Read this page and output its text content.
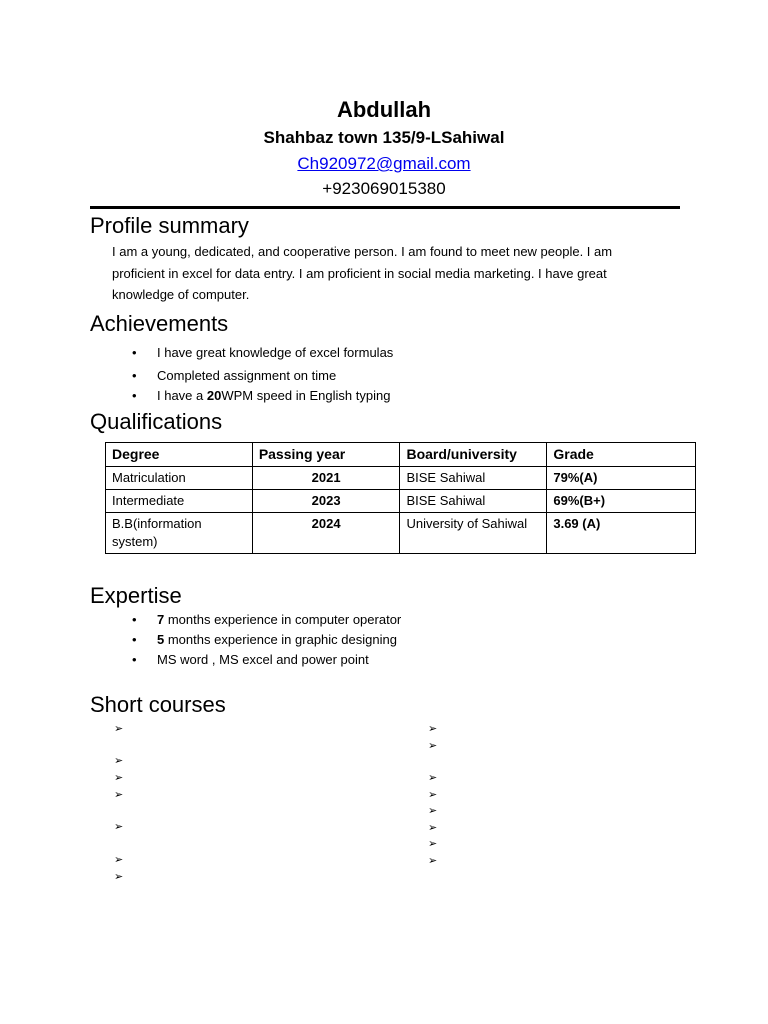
Abdullah
Shahbaz town 135/9-LSahiwal
Ch920972@gmail.com
+923069015380
Profile summary
I am a young, dedicated, and cooperative person. I am found to meet new people. I am
proficient in excel for data entry. I am proficient in social media marketing. I have great
knowledge of computer.
Achievements
• I have great knowledge of excel formulas
• Completed assignment on time
• I have a 20WPM speed in English typing
Qualifications
Degree	Passing year	Board/university	Grade
Matriculation	2021	BISE Sahiwal	79%(A)
Intermediate	2023	BISE Sahiwal	69%(B+)
B.B(information system)	2024	University of Sahiwal	3.69 (A)
Expertise
• 7 months experience in computer operator
• 5 months experience in graphic designing
• MS word , MS excel and power point
Short courses
➢
➢
➢
➢
➢
➢
➢
➢
➢
➢
➢
➢
➢
➢
➢
